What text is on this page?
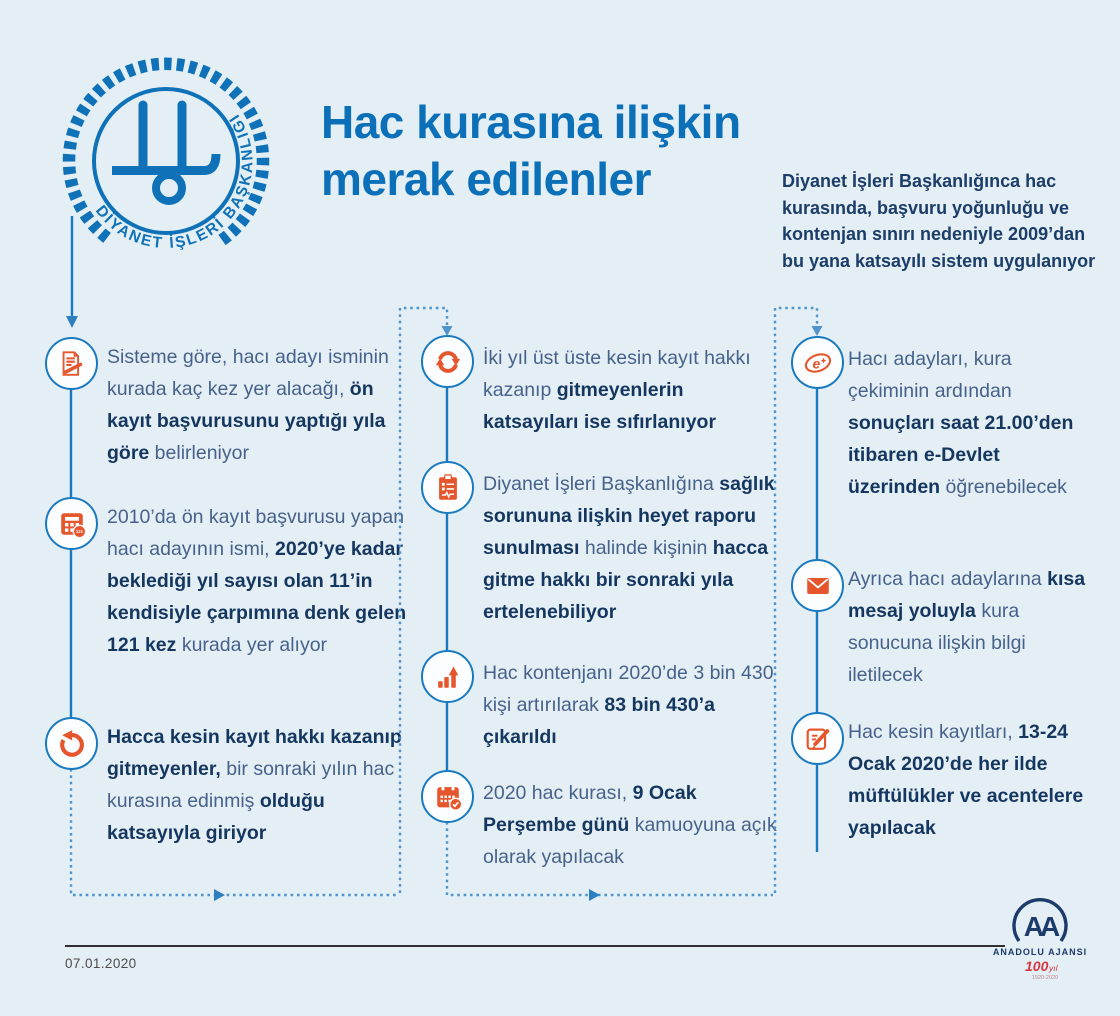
DİYANET İŞLERİ BAŞKANLIĞI Hac kurasına ilişkin
merak edilenler	Diyanet İşleri Başkanlığınca hac kurasında, başvuru yoğunluğu ve kontenjan sınırı nedeniyle 2009’dan bu yana katsayılı sistem uygulanıyor

Sisteme göre, hacı adayı isminin kurada kaç kez yer alacağı, ön kayıt başvurusunu yaptığı yıla göre belirleniyor

121

2010’da ön kayıt başvurusu yapan hacı adayının ismi, 2020’ye kadar beklediği yıl sayısı olan 11’in kendisiyle çarpımına denk gelen 121 kez kurada yer alıyor

Hacca kesin kayıt hakkı kazanıp gitmeyenler, bir sonraki yılın hac kurasına edinmiş olduğu katsayıyla giriyor

İki yıl üst üste kesin kayıt hakkı kazanıp gitmeyenlerin katsayıları ise sıfırlanıyor

Diyanet İşleri Başkanlığına sağlık sorununa ilişkin heyet raporu sunulması halinde kişinin hacca gitme hakkı bir sonraki yıla ertelenebiliyor

Hac kontenjanı 2020’de 3 bin 430 kişi artırılarak 83 bin 430’a çıkarıldı

2020 hac kurası, 9 Ocak Perşembe günü kamuoyuna açık olarak yapılacak

e Hacı adayları, kura çekiminin ardından sonuçları saat 21.00’den itibaren e-Devlet üzerinden öğrenebilecek

Ayrıca hacı adaylarına kısa mesaj yoluyla kura sonucuna ilişkin bilgi iletilecek

Hac kesin kayıtları, 13-24 Ocak 2020’de her ilde müftülükler ve acentelere yapılacak

07.01.2020
AA
ANADOLU AJANSI
100 yıl
1920-2020
